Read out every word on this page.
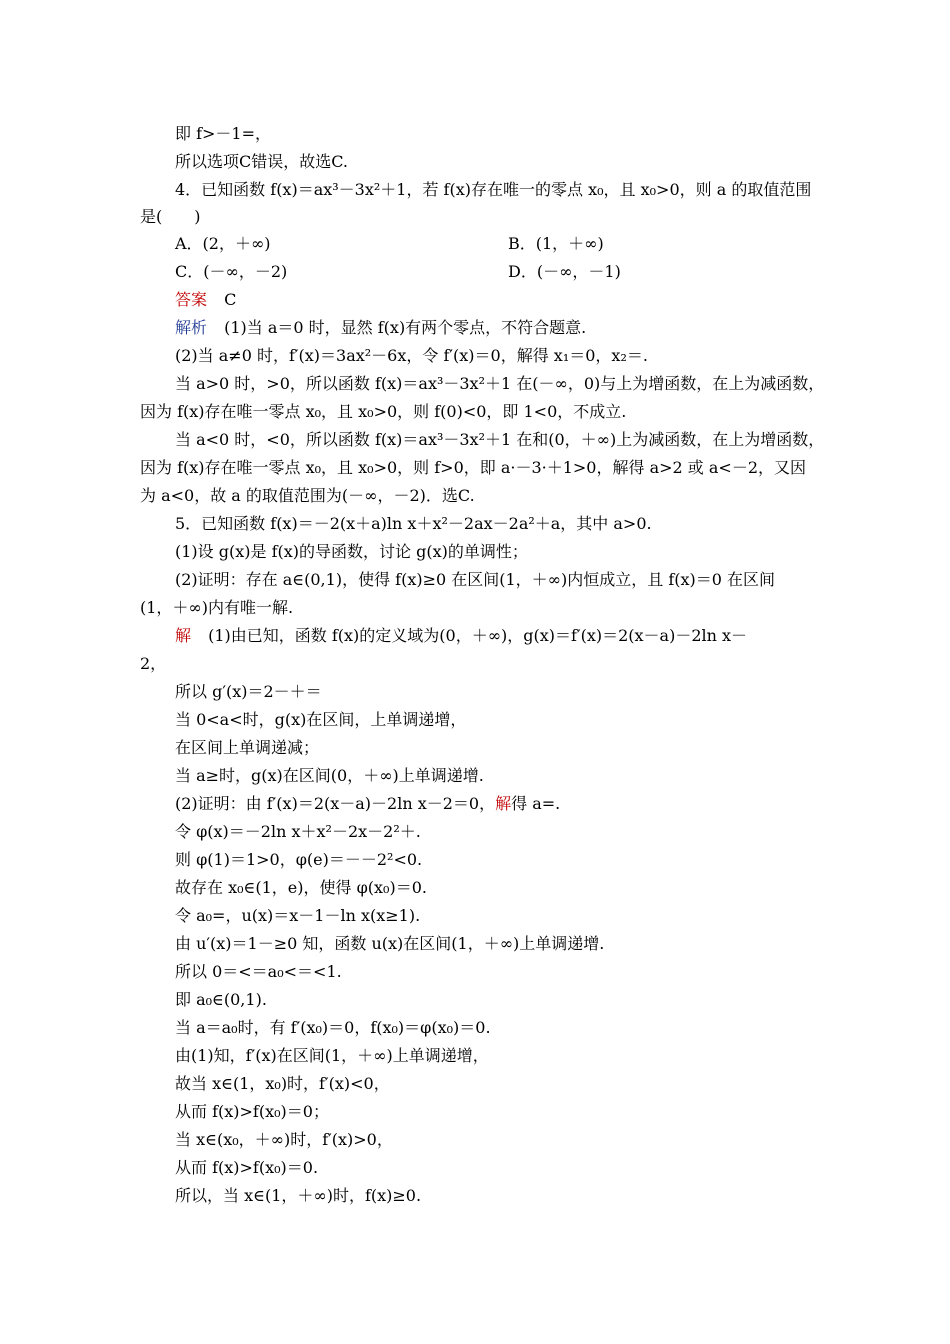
即 f>－1=，
所以选项C错误，故选C.
4．已知函数 f(x)＝ax³－3x²＋1，若 f(x)存在唯一的零点 x₀，且 x₀>0，则 a 的取值范围
是(　　)
A．(2，＋∞)	B．(1，＋∞)
C．(－∞，－2)	D．(－∞，－1)
答案 C
解析 (1)当 a＝0 时，显然 f(x)有两个零点，不符合题意.
(2)当 a≠0 时，f′(x)＝3ax²－6x，令 f′(x)＝0，解得 x₁＝0，x₂＝.
当 a>0 时，>0，所以函数 f(x)＝ax³－3x²＋1 在(－∞，0)与上为增函数，在上为减函数，
因为 f(x)存在唯一零点 x₀，且 x₀>0，则 f(0)<0，即 1<0，不成立.
当 a<0 时，<0，所以函数 f(x)＝ax³－3x²＋1 在和(0，＋∞)上为减函数，在上为增函数，
因为 f(x)存在唯一零点 x₀，且 x₀>0，则 f>0，即 a·－3·＋1>0，解得 a>2 或 a<－2，又因
为 a<0，故 a 的取值范围为(－∞，－2)．选C.
5．已知函数 f(x)＝－2(x＋a)ln x＋x²－2ax－2a²＋a，其中 a>0.
(1)设 g(x)是 f(x)的导函数，讨论 g(x)的单调性；
(2)证明：存在 a∈(0,1)，使得 f(x)≥0 在区间(1，＋∞)内恒成立，且 f(x)＝0 在区间
(1，＋∞)内有唯一解.
解 (1)由已知，函数 f(x)的定义域为(0，＋∞)，g(x)＝f′(x)＝2(x－a)－2ln x－
2，
所以 g′(x)＝2－＋＝
当 0<a<时，g(x)在区间，上单调递增，
在区间上单调递减；
当 a≥时，g(x)在区间(0，＋∞)上单调递增.
(2)证明：由 f′(x)＝2(x－a)－2ln x－2＝0，解得 a=.
令 φ(x)＝－2ln x＋x²－2x－2²＋.
则 φ(1)＝1>0，φ(e)＝－－2²<0.
故存在 x₀∈(1，e)，使得 φ(x₀)＝0.
令 a₀=，u(x)＝x－1－ln x(x≥1).
由 u′(x)＝1－≥0 知，函数 u(x)在区间(1，＋∞)上单调递增.
所以 0＝<＝a₀<＝<1.
即 a₀∈(0,1).
当 a＝a₀时，有 f′(x₀)＝0，f(x₀)＝φ(x₀)＝0.
由(1)知，f′(x)在区间(1，＋∞)上单调递增，
故当 x∈(1，x₀)时，f′(x)<0，
从而 f(x)>f(x₀)＝0；
当 x∈(x₀，＋∞)时，f′(x)>0，
从而 f(x)>f(x₀)＝0.
所以，当 x∈(1，＋∞)时，f(x)≥0.
